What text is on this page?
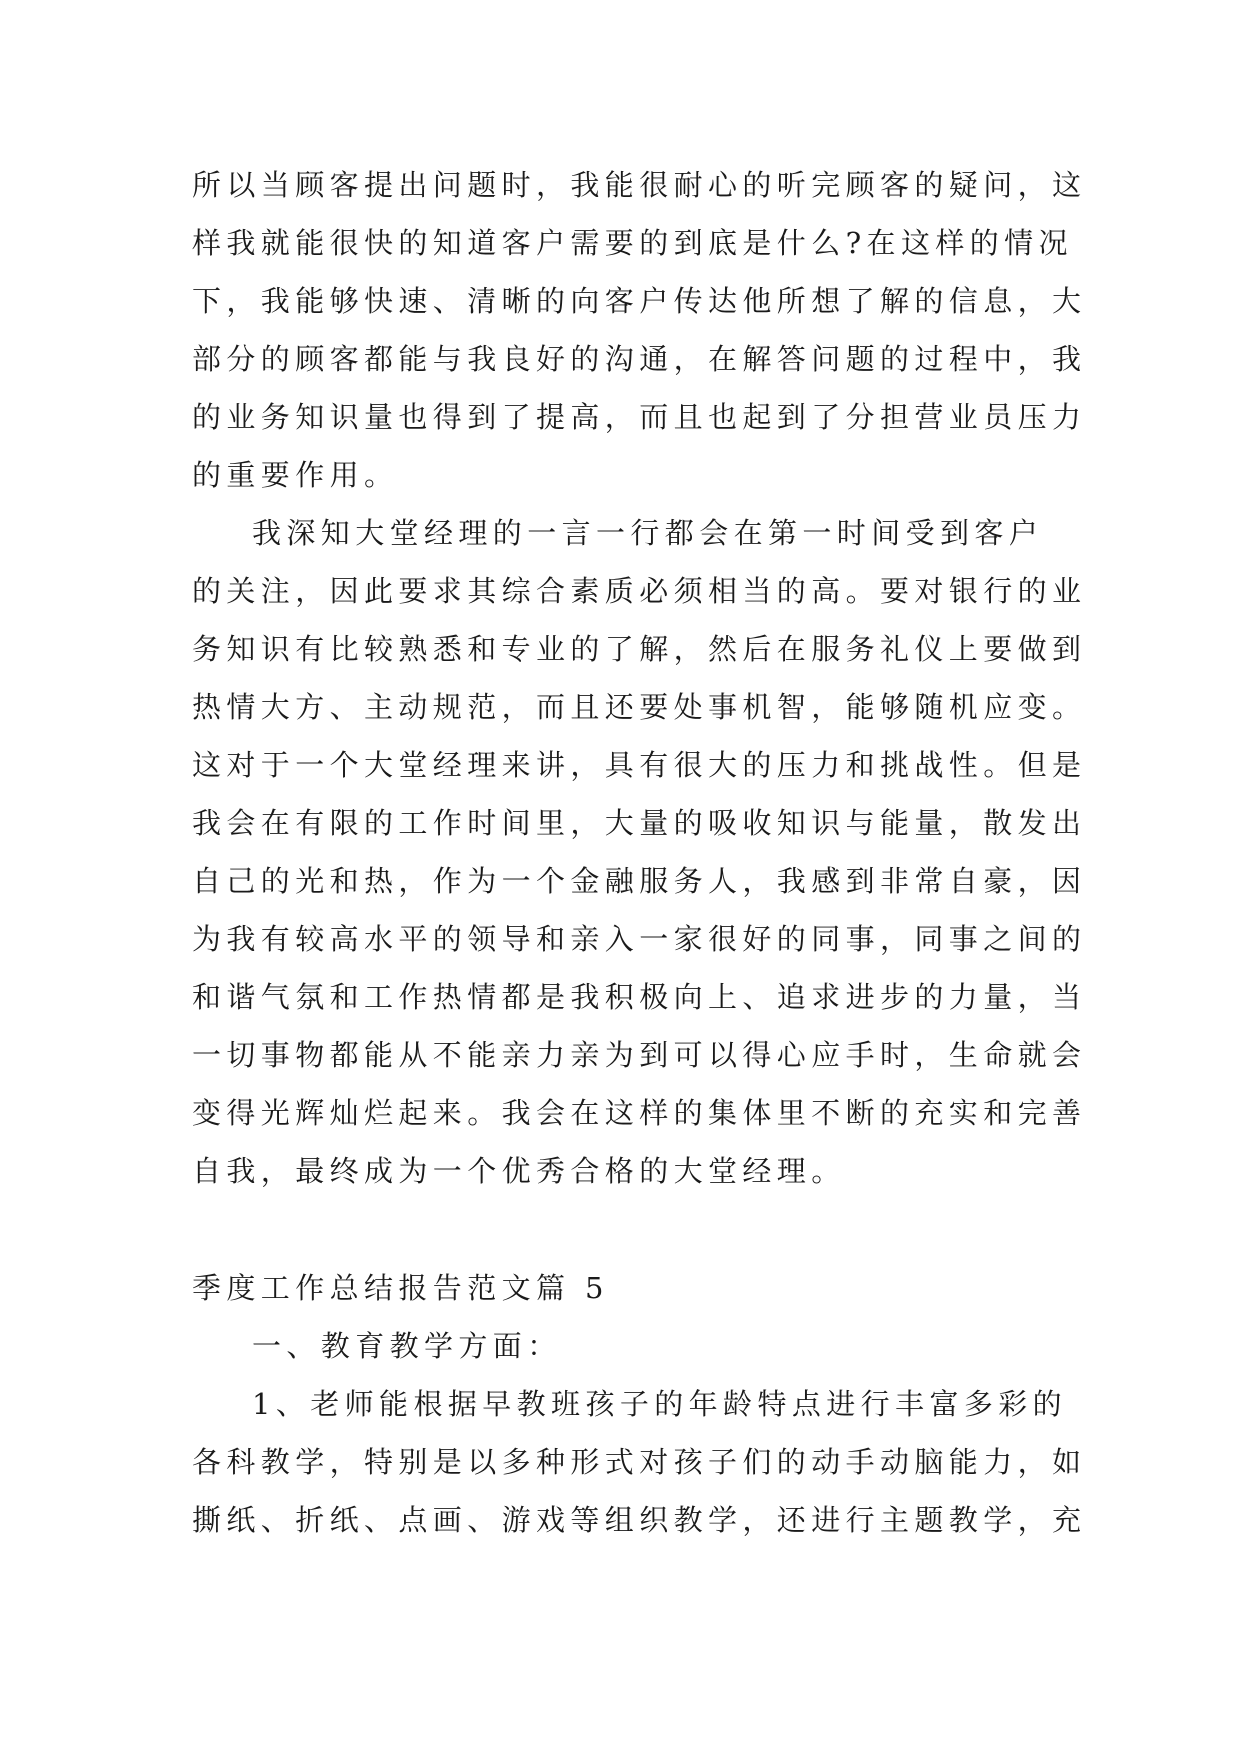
所以当顾客提出问题时，我能很耐心的听完顾客的疑问，这
样我就能很快的知道客户需要的到底是什么?在这样的情况
下，我能够快速、清晰的向客户传达他所想了解的信息，大
部分的顾客都能与我良好的沟通，在解答问题的过程中，我
的业务知识量也得到了提高，而且也起到了分担营业员压力
的重要作用。
我深知大堂经理的一言一行都会在第一时间受到客户
的关注，因此要求其综合素质必须相当的高。要对银行的业
务知识有比较熟悉和专业的了解，然后在服务礼仪上要做到
热情大方、主动规范，而且还要处事机智，能够随机应变。
这对于一个大堂经理来讲，具有很大的压力和挑战性。但是
我会在有限的工作时间里，大量的吸收知识与能量，散发出
自己的光和热，作为一个金融服务人，我感到非常自豪，因
为我有较高水平的领导和亲入一家很好的同事，同事之间的
和谐气氛和工作热情都是我积极向上、追求进步的力量，当
一切事物都能从不能亲力亲为到可以得心应手时，生命就会
变得光辉灿烂起来。我会在这样的集体里不断的充实和完善
自我，最终成为一个优秀合格的大堂经理。
季度工作总结报告范文篇 5
一、教育教学方面：
1、老师能根据早教班孩子的年龄特点进行丰富多彩的
各科教学，特别是以多种形式对孩子们的动手动脑能力，如
撕纸、折纸、点画、游戏等组织教学，还进行主题教学，充
